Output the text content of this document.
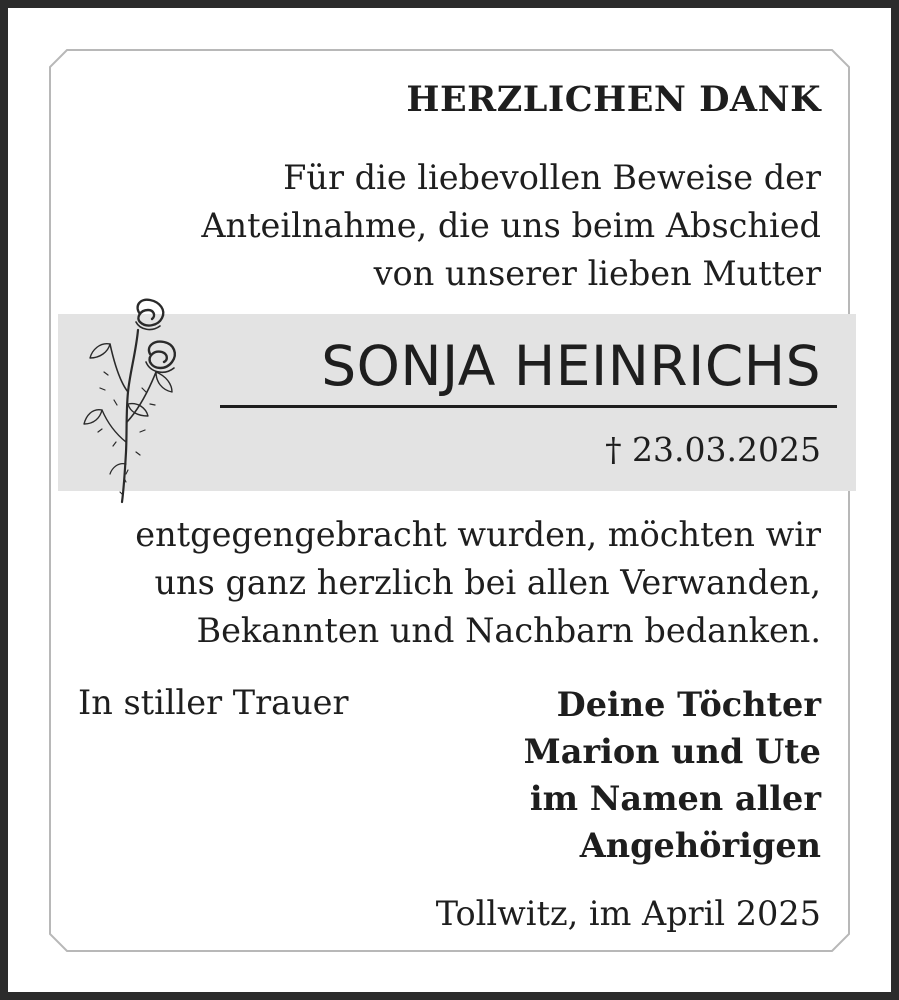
HERZLICHEN DANK
Für die liebevollen Beweise der
Anteilnahme, die uns beim Abschied
von unserer lieben Mutter
SONJA HEINRICHS
† 23.03.2025
entgegengebracht wurden, möchten wir
uns ganz herzlich bei allen Verwanden,
Bekannten und Nachbarn bedanken.
In stiller Trauer	Deine Töchter
Marion und Ute
im Namen aller
Angehörigen
Tollwitz, im April 2025
